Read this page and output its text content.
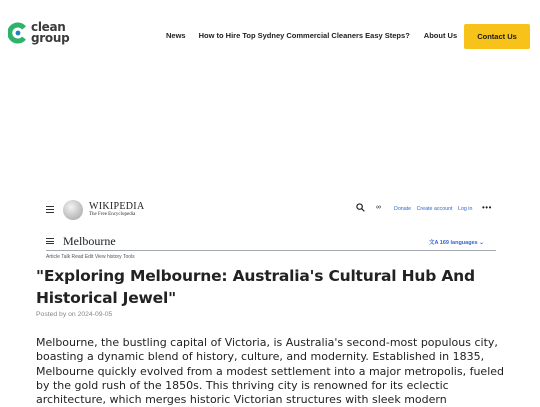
clean
group	News How to Hire Top Sydney Commercial Cleaners Easy Steps? About Us	Contact Us
WIKIPEDIA
The Free Encyclopedia
∞ Donate Create account Log in	•••
Melbourne	文A 169 languages ⌄
Article Talk Read Edit View history Tools
"Exploring Melbourne: Australia's Cultural Hub And Historical Jewel"
Posted by on 2024-09-05

Melbourne, the bustling capital of Victoria, is Australia's second-most populous city, boasting a dynamic blend of history, culture, and modernity. Established in 1835, Melbourne quickly evolved from a modest settlement into a major metropolis, fueled by the gold rush of the 1850s. This thriving city is renowned for its eclectic architecture, which merges historic Victorian structures with sleek modern
